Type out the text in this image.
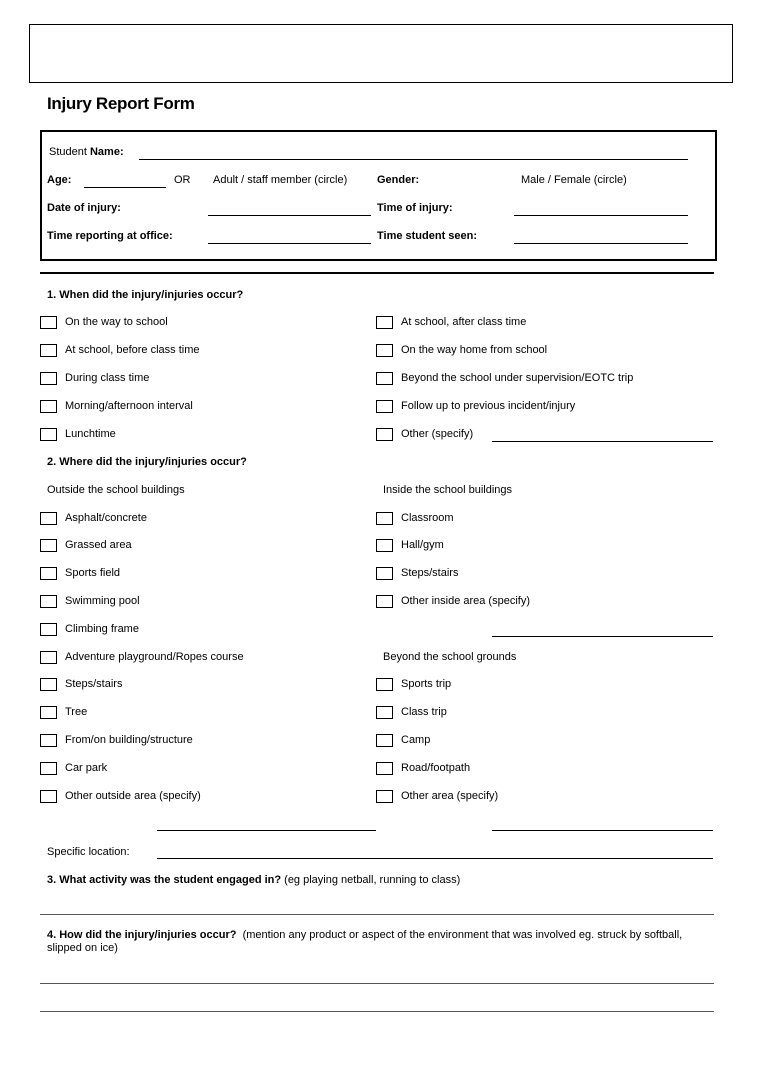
Injury Report Form
Student Name:
Age:	OR Adult / staff member (circle)	Gender:	Male / Female (circle)
Date of injury:	Time of injury:
Time reporting at office:	Time student seen:
1. When did the injury/injuries occur?
On the way to school
At school, before class time
During class time
Morning/afternoon interval
Lunchtime
At school, after class time
On the way home from school
Beyond the school under supervision/EOTC trip
Follow up to previous incident/injury
Other (specify)
2. Where did the injury/injuries occur?
Outside the school buildings	Inside the school buildings
Asphalt/concrete
Grassed area
Sports field
Swimming pool
Climbing frame
Adventure playground/Ropes course
Steps/stairs
Tree
From/on building/structure
Car park
Other outside area (specify)
Classroom
Hall/gym
Steps/stairs
Other inside area (specify)
Beyond the school grounds
Sports trip
Class trip
Camp
Road/footpath
Other area (specify)
Specific location:
3. What activity was the student engaged in? (eg playing netball, running to class)
4. How did the injury/injuries occur? (mention any product or aspect of the environment that was involved eg. struck by softball, slipped on ice)
